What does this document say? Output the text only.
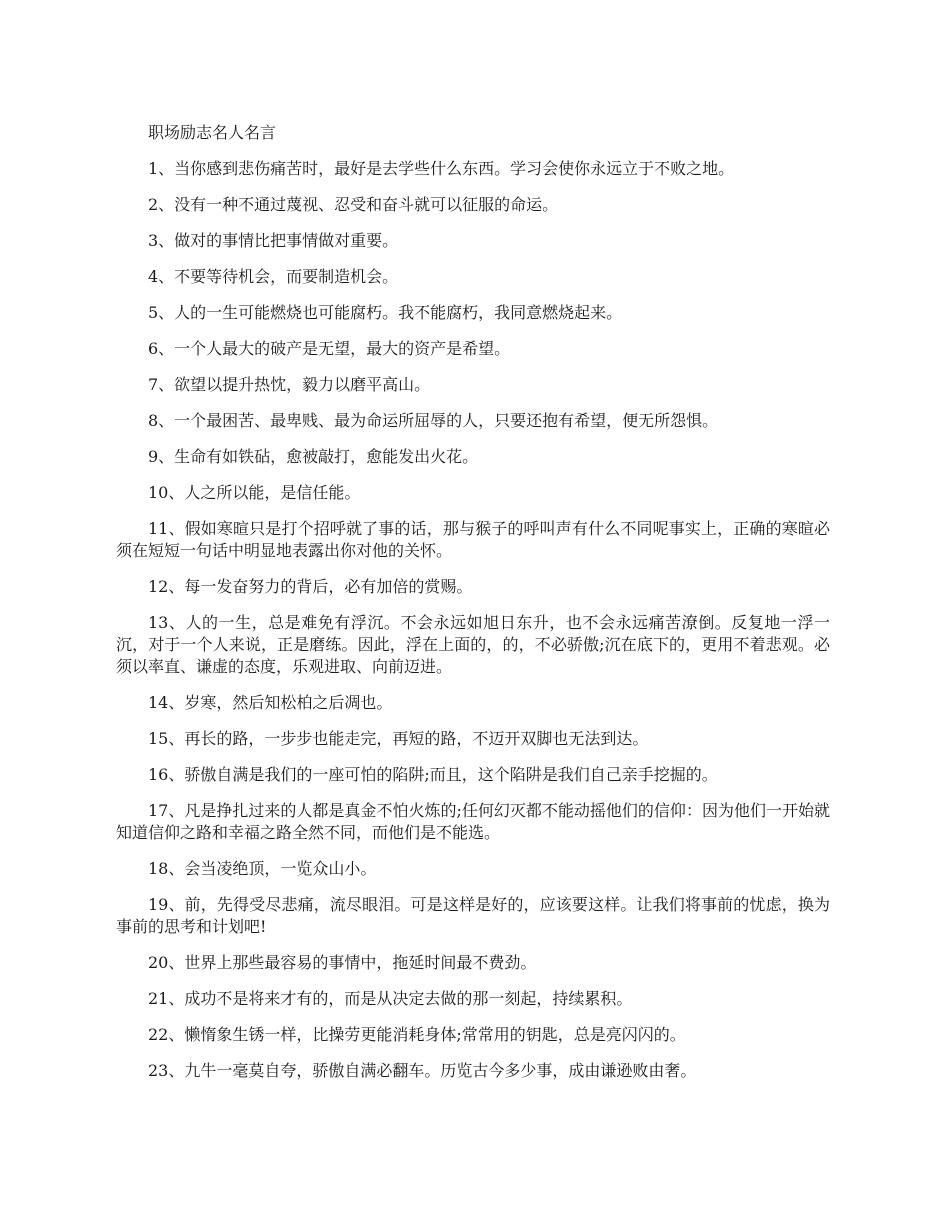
职场励志名人名言

1、当你感到悲伤痛苦时，最好是去学些什么东西。学习会使你永远立于不败之地。

2、没有一种不通过蔑视、忍受和奋斗就可以征服的命运。

3、做对的事情比把事情做对重要。

4、不要等待机会，而要制造机会。

5、人的一生可能燃烧也可能腐朽。我不能腐朽，我同意燃烧起来。

6、一个人最大的破产是无望，最大的资产是希望。

7、欲望以提升热忱，毅力以磨平高山。

8、一个最困苦、最卑贱、最为命运所屈辱的人，只要还抱有希望，便无所怨惧。

9、生命有如铁砧，愈被敲打，愈能发出火花。

10、人之所以能，是信任能。

11、假如寒暄只是打个招呼就了事的话，那与猴子的呼叫声有什么不同呢事实上，正确的寒暄必须在短短一句话中明显地表露出你对他的关怀。

12、每一发奋努力的背后，必有加倍的赏赐。

13、人的一生，总是难免有浮沉。不会永远如旭日东升，也不会永远痛苦潦倒。反复地一浮一沉，对于一个人来说，正是磨练。因此，浮在上面的，的，不必骄傲;沉在底下的，更用不着悲观。必须以率直、谦虚的态度，乐观进取、向前迈进。

14、岁寒，然后知松柏之后凋也。

15、再长的路，一步步也能走完，再短的路，不迈开双脚也无法到达。

16、骄傲自满是我们的一座可怕的陷阱;而且，这个陷阱是我们自己亲手挖掘的。

17、凡是挣扎过来的人都是真金不怕火炼的;任何幻灭都不能动摇他们的信仰：因为他们一开始就知道信仰之路和幸福之路全然不同，而他们是不能选。

18、会当凌绝顶，一览众山小。

19、前，先得受尽悲痛，流尽眼泪。可是这样是好的，应该要这样。让我们将事前的忧虑，换为事前的思考和计划吧!

20、世界上那些最容易的事情中，拖延时间最不费劲。

21、成功不是将来才有的，而是从决定去做的那一刻起，持续累积。

22、懒惰象生锈一样，比操劳更能消耗身体;常常用的钥匙，总是亮闪闪的。

23、九牛一毫莫自夸，骄傲自满必翻车。历览古今多少事，成由谦逊败由奢。
